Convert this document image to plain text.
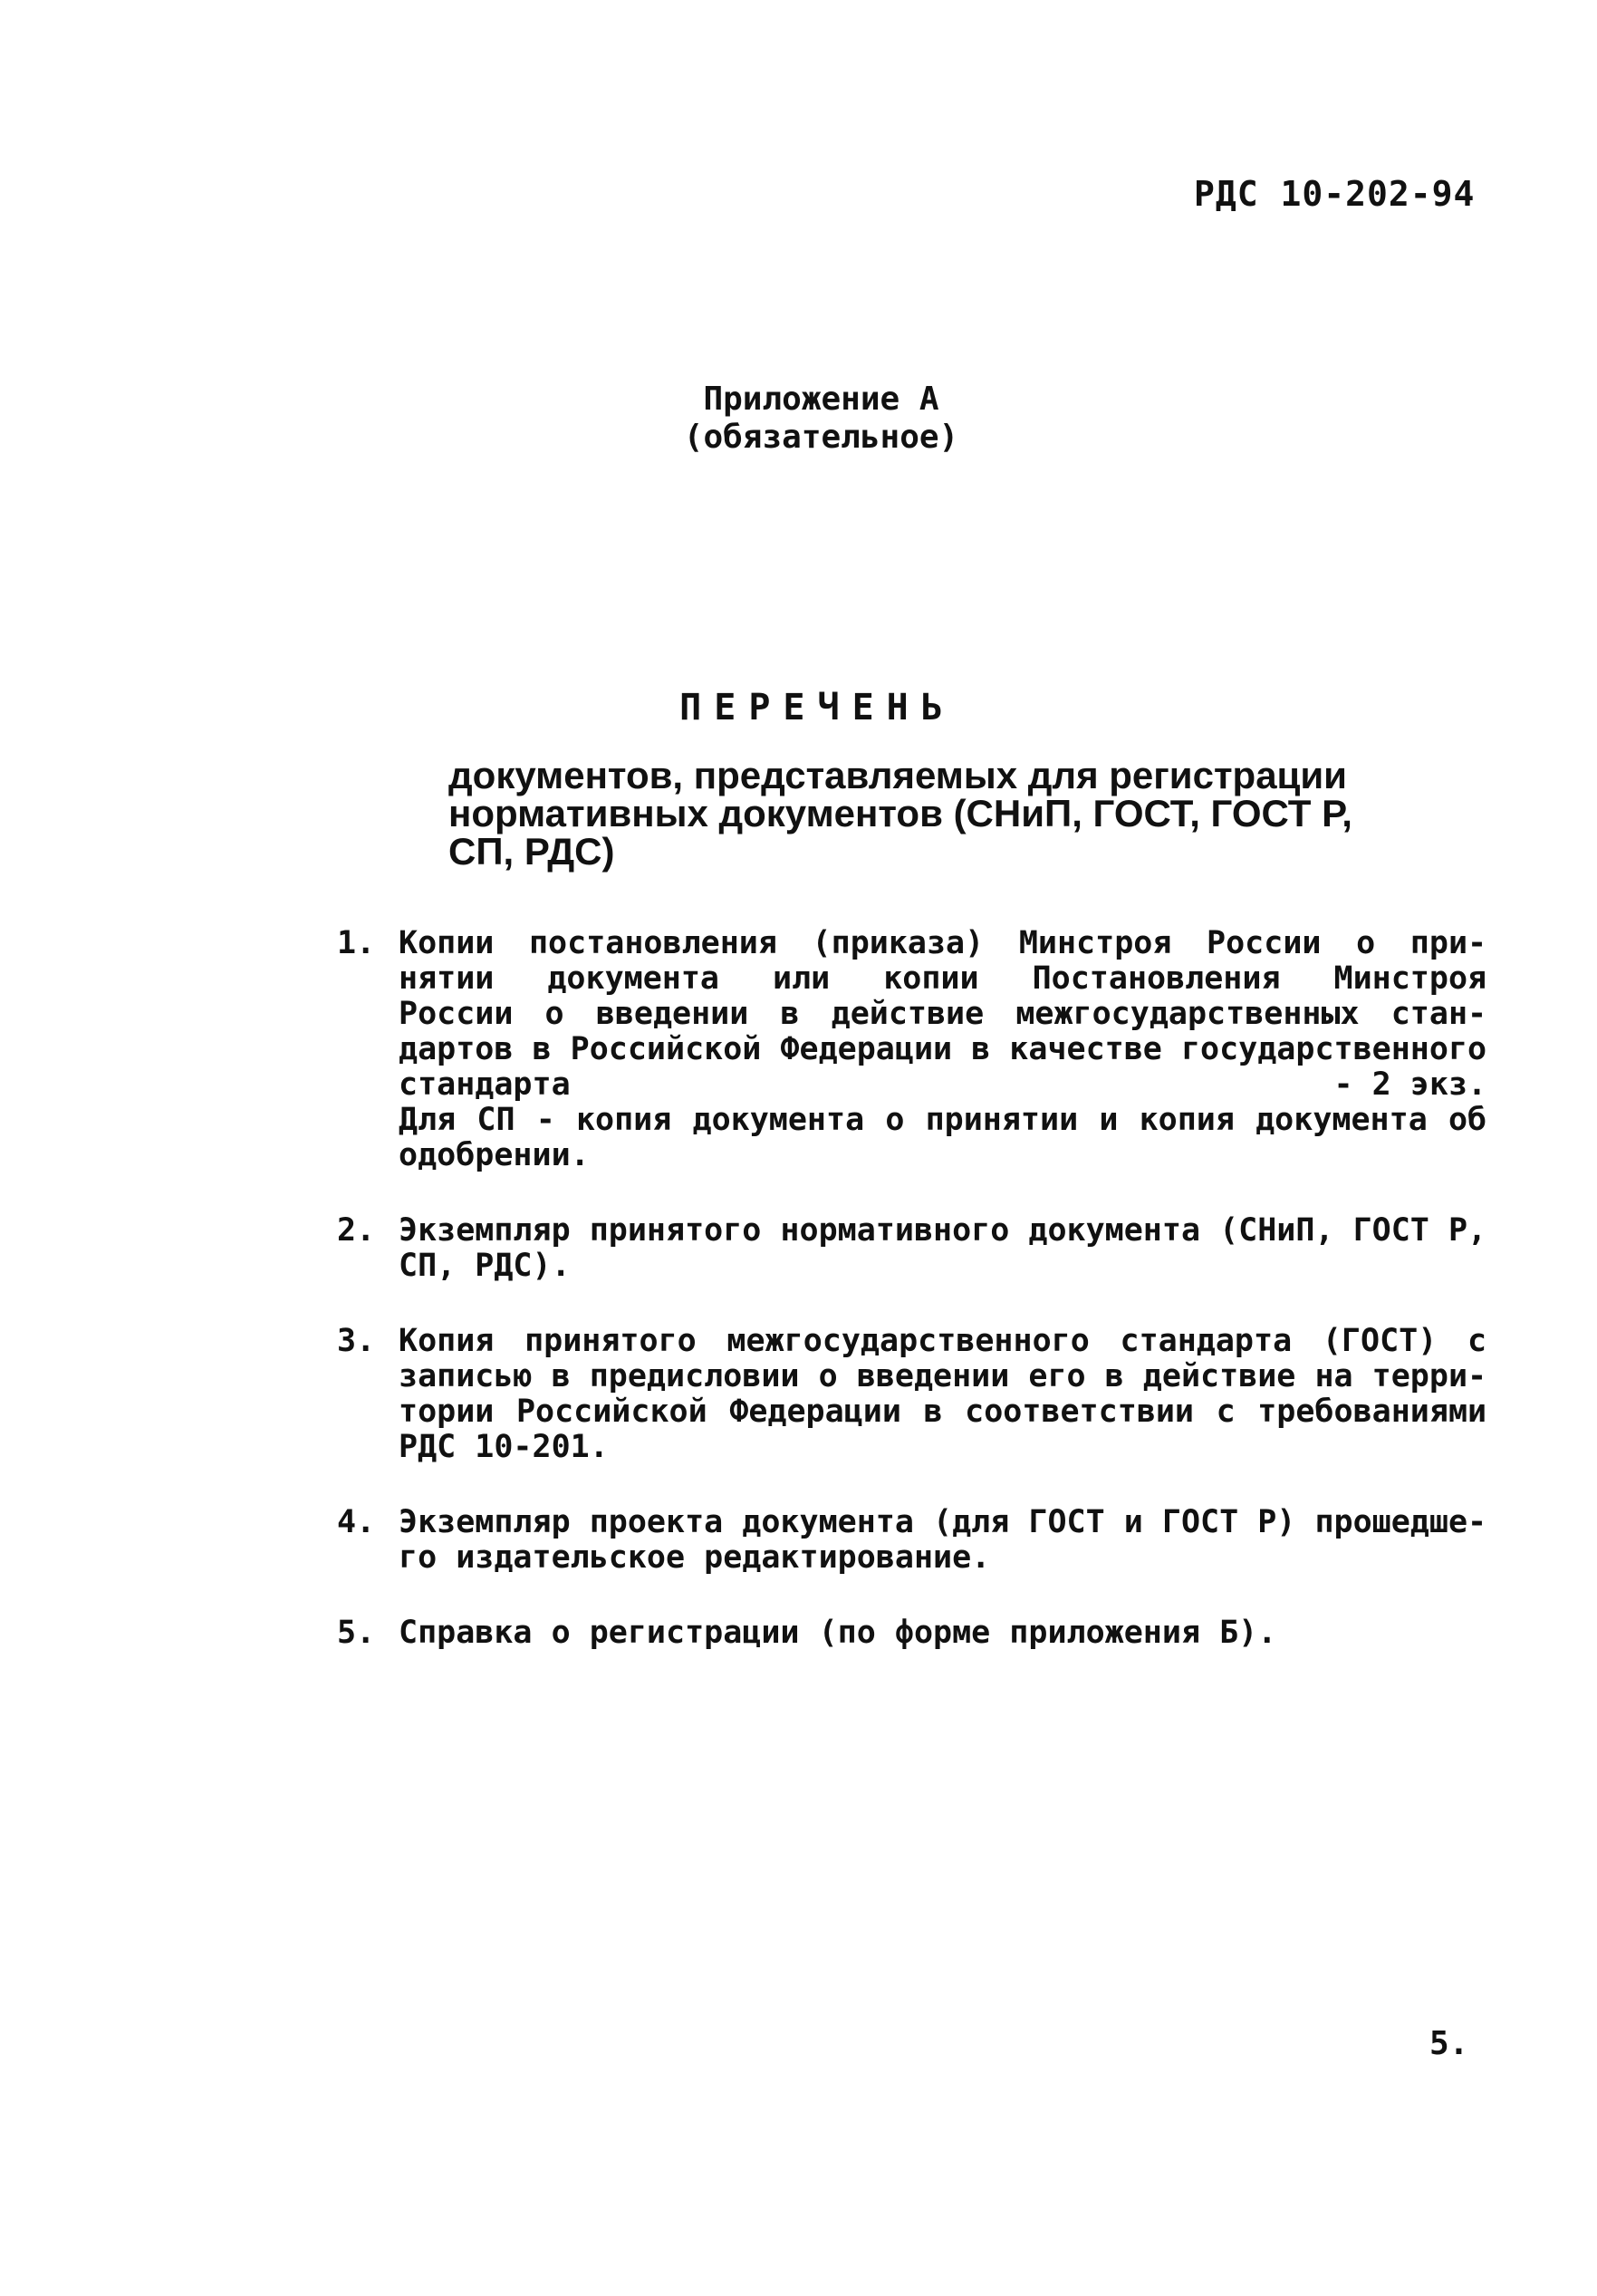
РДС 10-202-94
Приложение А
(обязательное)
ПЕРЕЧЕНЬ
документов, представляемых для регистрации
нормативных документов (СНиП, ГОСТ, ГОСТ Р,
СП, РДС)
1. Копии постановления (приказа) Минстроя России о при-
нятии документа или копии Постановления Минстроя
России о введении в действие межгосударственных стан-
дартов в Российской Федерации в качестве государственного
стандарта	- 2 экз.
Для СП - копия документа о принятии и копия документа об
одобрении.
2. Экземпляр принятого нормативного документа (СНиП, ГОСТ Р,
СП, РДС).
3. Копия принятого межгосударственного стандарта (ГОСТ) с
записью в предисловии о введении его в действие на терри-
тории Российской Федерации в соответствии с требованиями
РДС 10-201.
4. Экземпляр проекта документа (для ГОСТ и ГОСТ Р) прошедше-
го издательское редактирование.
5. Справка о регистрации (по форме приложения Б).
5.
